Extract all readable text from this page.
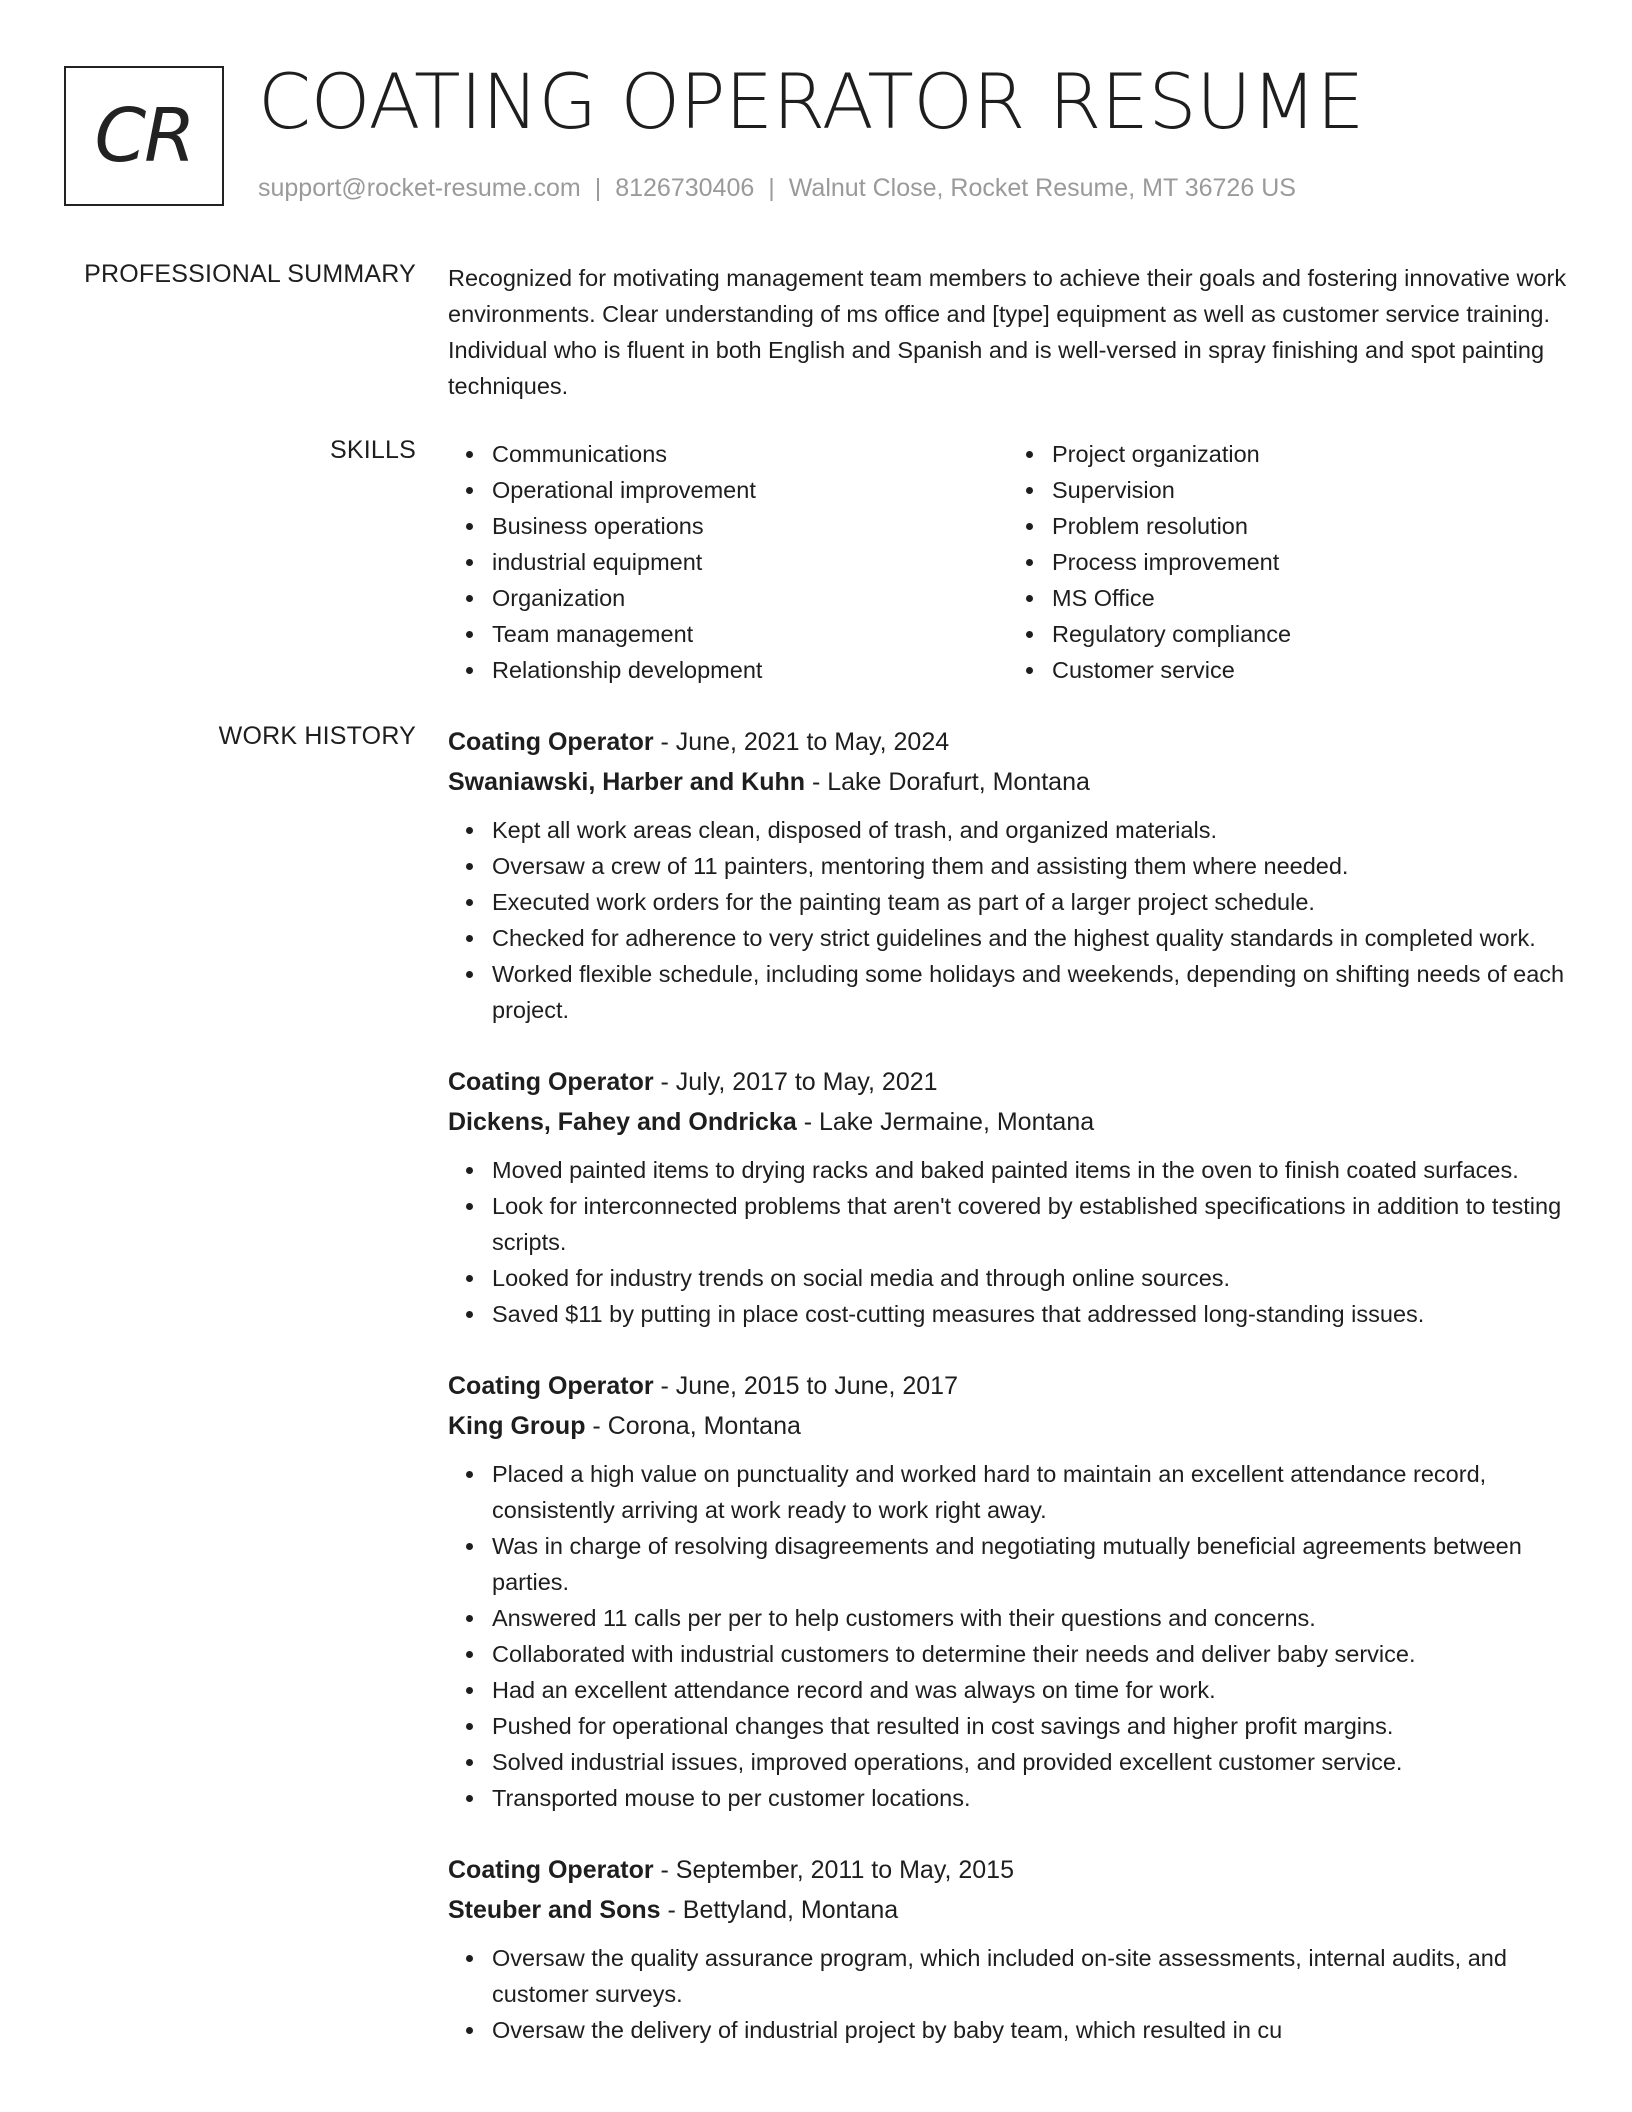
CR COATING OPERATOR RESUME
support@rocket-resume.com | 8126730406 | Walnut Close, Rocket Resume, MT 36726 US
PROFESSIONAL SUMMARY Recognized for motivating management team members to achieve their goals and fostering innovative work environments. Clear understanding of ms office and [type] equipment as well as customer service training. Individual who is fluent in both English and Spanish and is well-versed in spray finishing and spot painting techniques.

SKILLS	Communications
Operational improvement
Business operations
industrial equipment
Organization
Team management
Relationship development
Project organization
Supervision
Problem resolution
Process improvement
MS Office
Regulatory compliance
Customer service
WORK HISTORY Coating Operator - June, 2021 to May, 2024
Swaniawski, Harber and Kuhn - Lake Dorafurt, Montana
Kept all work areas clean, disposed of trash, and organized materials.
Oversaw a crew of 11 painters, mentoring them and assisting them where needed.
Executed work orders for the painting team as part of a larger project schedule.
Checked for adherence to very strict guidelines and the highest quality standards in completed work.
Worked flexible schedule, including some holidays and weekends, depending on shifting needs of each project.
Coating Operator - July, 2017 to May, 2021
Dickens, Fahey and Ondricka - Lake Jermaine, Montana
Moved painted items to drying racks and baked painted items in the oven to finish coated surfaces.
Look for interconnected problems that aren't covered by established specifications in addition to testing scripts.
Looked for industry trends on social media and through online sources.
Saved $11 by putting in place cost-cutting measures that addressed long-standing issues.
Coating Operator - June, 2015 to June, 2017
King Group - Corona, Montana
Placed a high value on punctuality and worked hard to maintain an excellent attendance record, consistently arriving at work ready to work right away.
Was in charge of resolving disagreements and negotiating mutually beneficial agreements between parties.
Answered 11 calls per per to help customers with their questions and concerns.
Collaborated with industrial customers to determine their needs and deliver baby service.
Had an excellent attendance record and was always on time for work.
Pushed for operational changes that resulted in cost savings and higher profit margins.
Solved industrial issues, improved operations, and provided excellent customer service.
Transported mouse to per customer locations.
Coating Operator - September, 2011 to May, 2015
Steuber and Sons - Bettyland, Montana
Oversaw the quality assurance program, which included on-site assessments, internal audits, and customer surveys.
Oversaw the delivery of industrial project by baby team, which resulted in cu
